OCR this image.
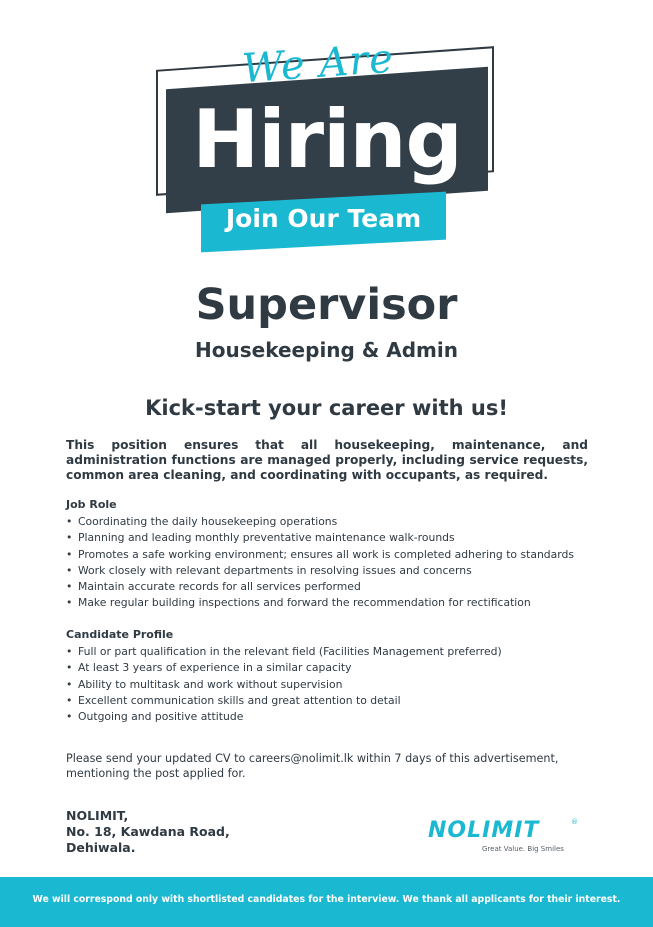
We Are
Hiring
Join Our Team
Supervisor
Housekeeping & Admin
Kick-start your career with us!
This position ensures that all housekeeping, maintenance, and administration functions are managed properly, including service requests, common area cleaning, and coordinating with occupants, as required.
Job Role
• Coordinating the daily housekeeping operations
• Planning and leading monthly preventative maintenance walk-rounds
• Promotes a safe working environment; ensures all work is completed adhering to standards
• Work closely with relevant departments in resolving issues and concerns
• Maintain accurate records for all services performed
• Make regular building inspections and forward the recommendation for rectification
Candidate Profile
• Full or part qualification in the relevant field (Facilities Management preferred)
• At least 3 years of experience in a similar capacity
• Ability to multitask and work without supervision
• Excellent communication skills and great attention to detail
• Outgoing and positive attitude
Please send your updated CV to careers@nolimit.lk within 7 days of this advertisement, mentioning the post applied for.
NOLIMIT,
No. 18, Kawdana Road,
Dehiwala.
NOLIMIT	®
Great Value. Big Smiles
We will correspond only with shortlisted candidates for the interview. We thank all applicants for their interest.
